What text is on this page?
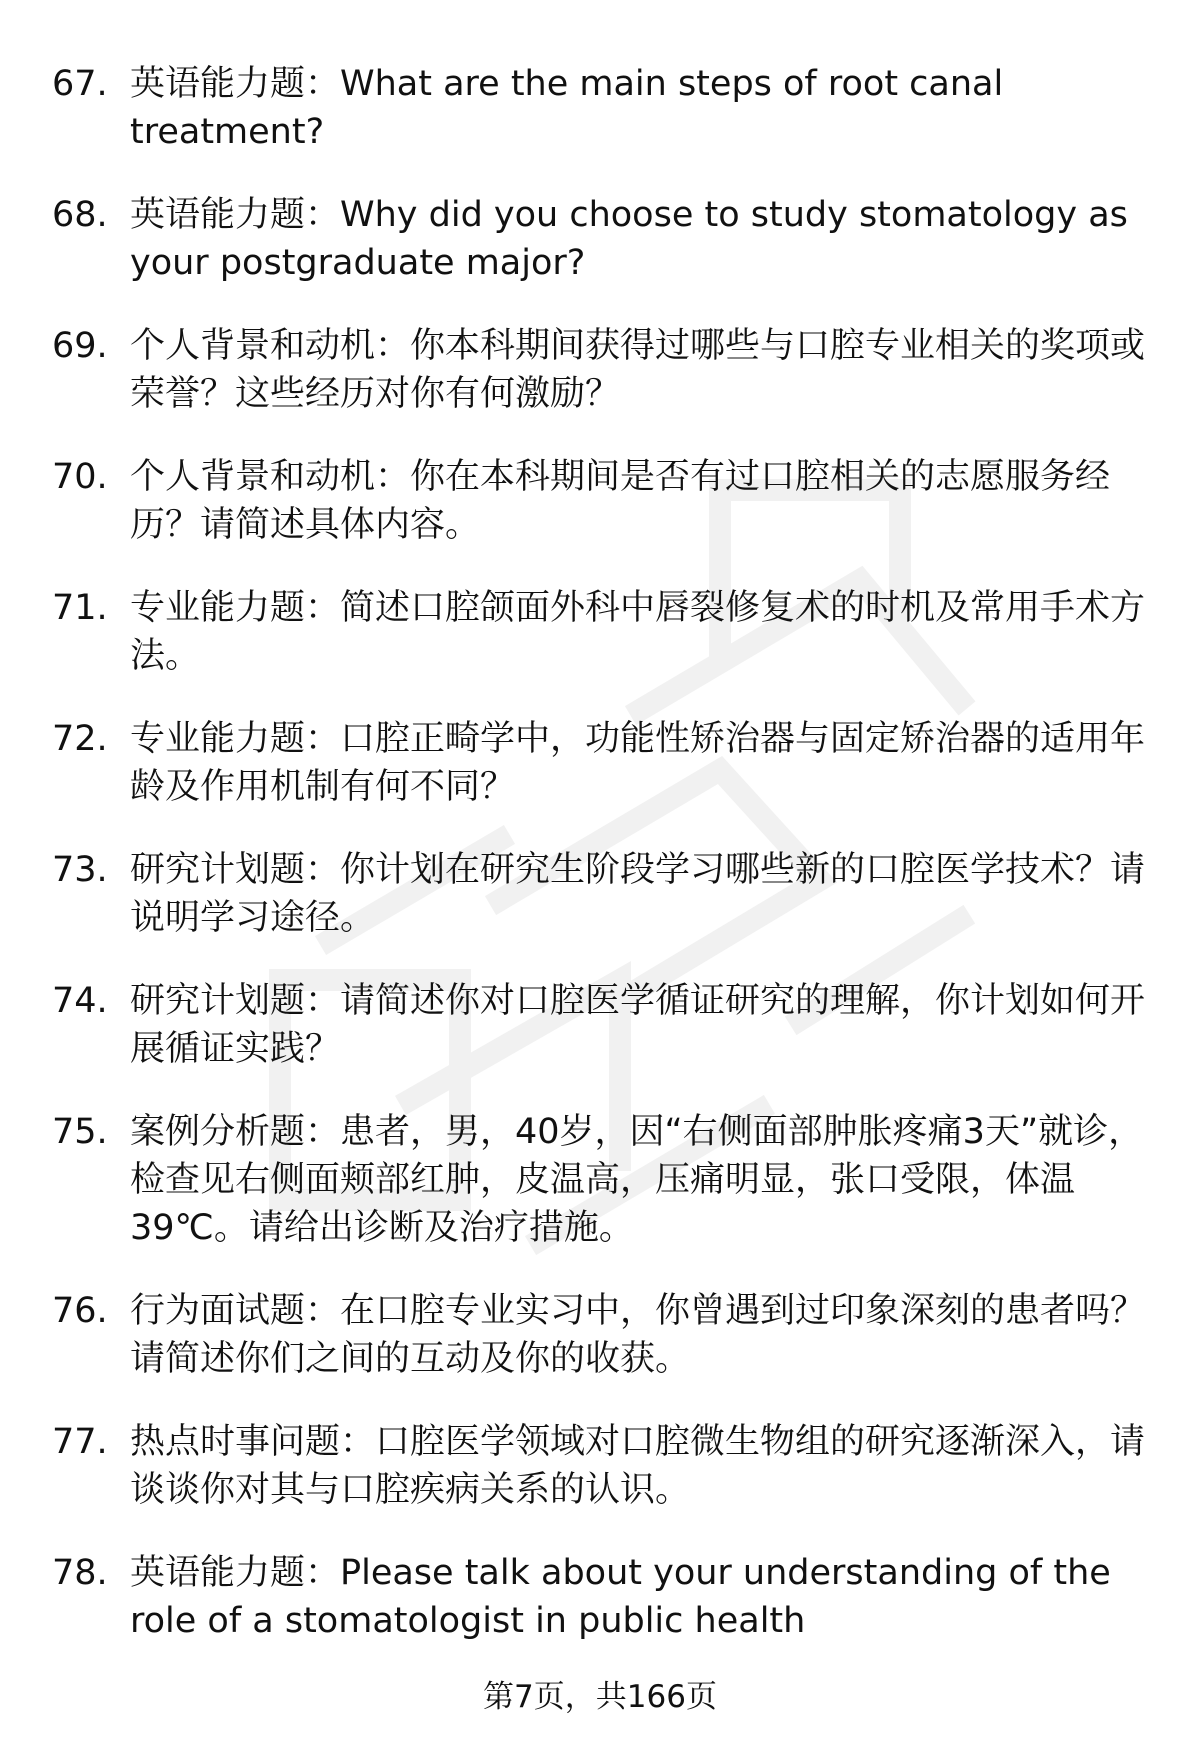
67. 英语能力题：What are the main steps of root canal treatment?
68. 英语能力题：Why did you choose to study stomatology as your postgraduate major?
69. 个人背景和动机：你本科期间获得过哪些与口腔专业相关的奖项或荣誉？这些经历对你有何激励？
70. 个人背景和动机：你在本科期间是否有过口腔相关的志愿服务经历？请简述具体内容。
71. 专业能力题：简述口腔颌面外科中唇裂修复术的时机及常用手术方法。
72. 专业能力题：口腔正畸学中，功能性矫治器与固定矫治器的适用年龄及作用机制有何不同？
73. 研究计划题：你计划在研究生阶段学习哪些新的口腔医学技术？请说明学习途径。
74. 研究计划题：请简述你对口腔医学循证研究的理解，你计划如何开展循证实践？
75. 案例分析题：患者，男，40岁，因“右侧面部肿胀疼痛3天”就诊，检查见右侧面颊部红肿，皮温高，压痛明显，张口受限，体温39℃。请给出诊断及治疗措施。
76. 行为面试题：在口腔专业实习中，你曾遇到过印象深刻的患者吗？请简述你们之间的互动及你的收获。
77. 热点时事问题：口腔医学领域对口腔微生物组的研究逐渐深入，请谈谈你对其与口腔疾病关系的认识。
78. 英语能力题：Please talk about your understanding of the role of a stomatologist in public health
第7页，共166页
